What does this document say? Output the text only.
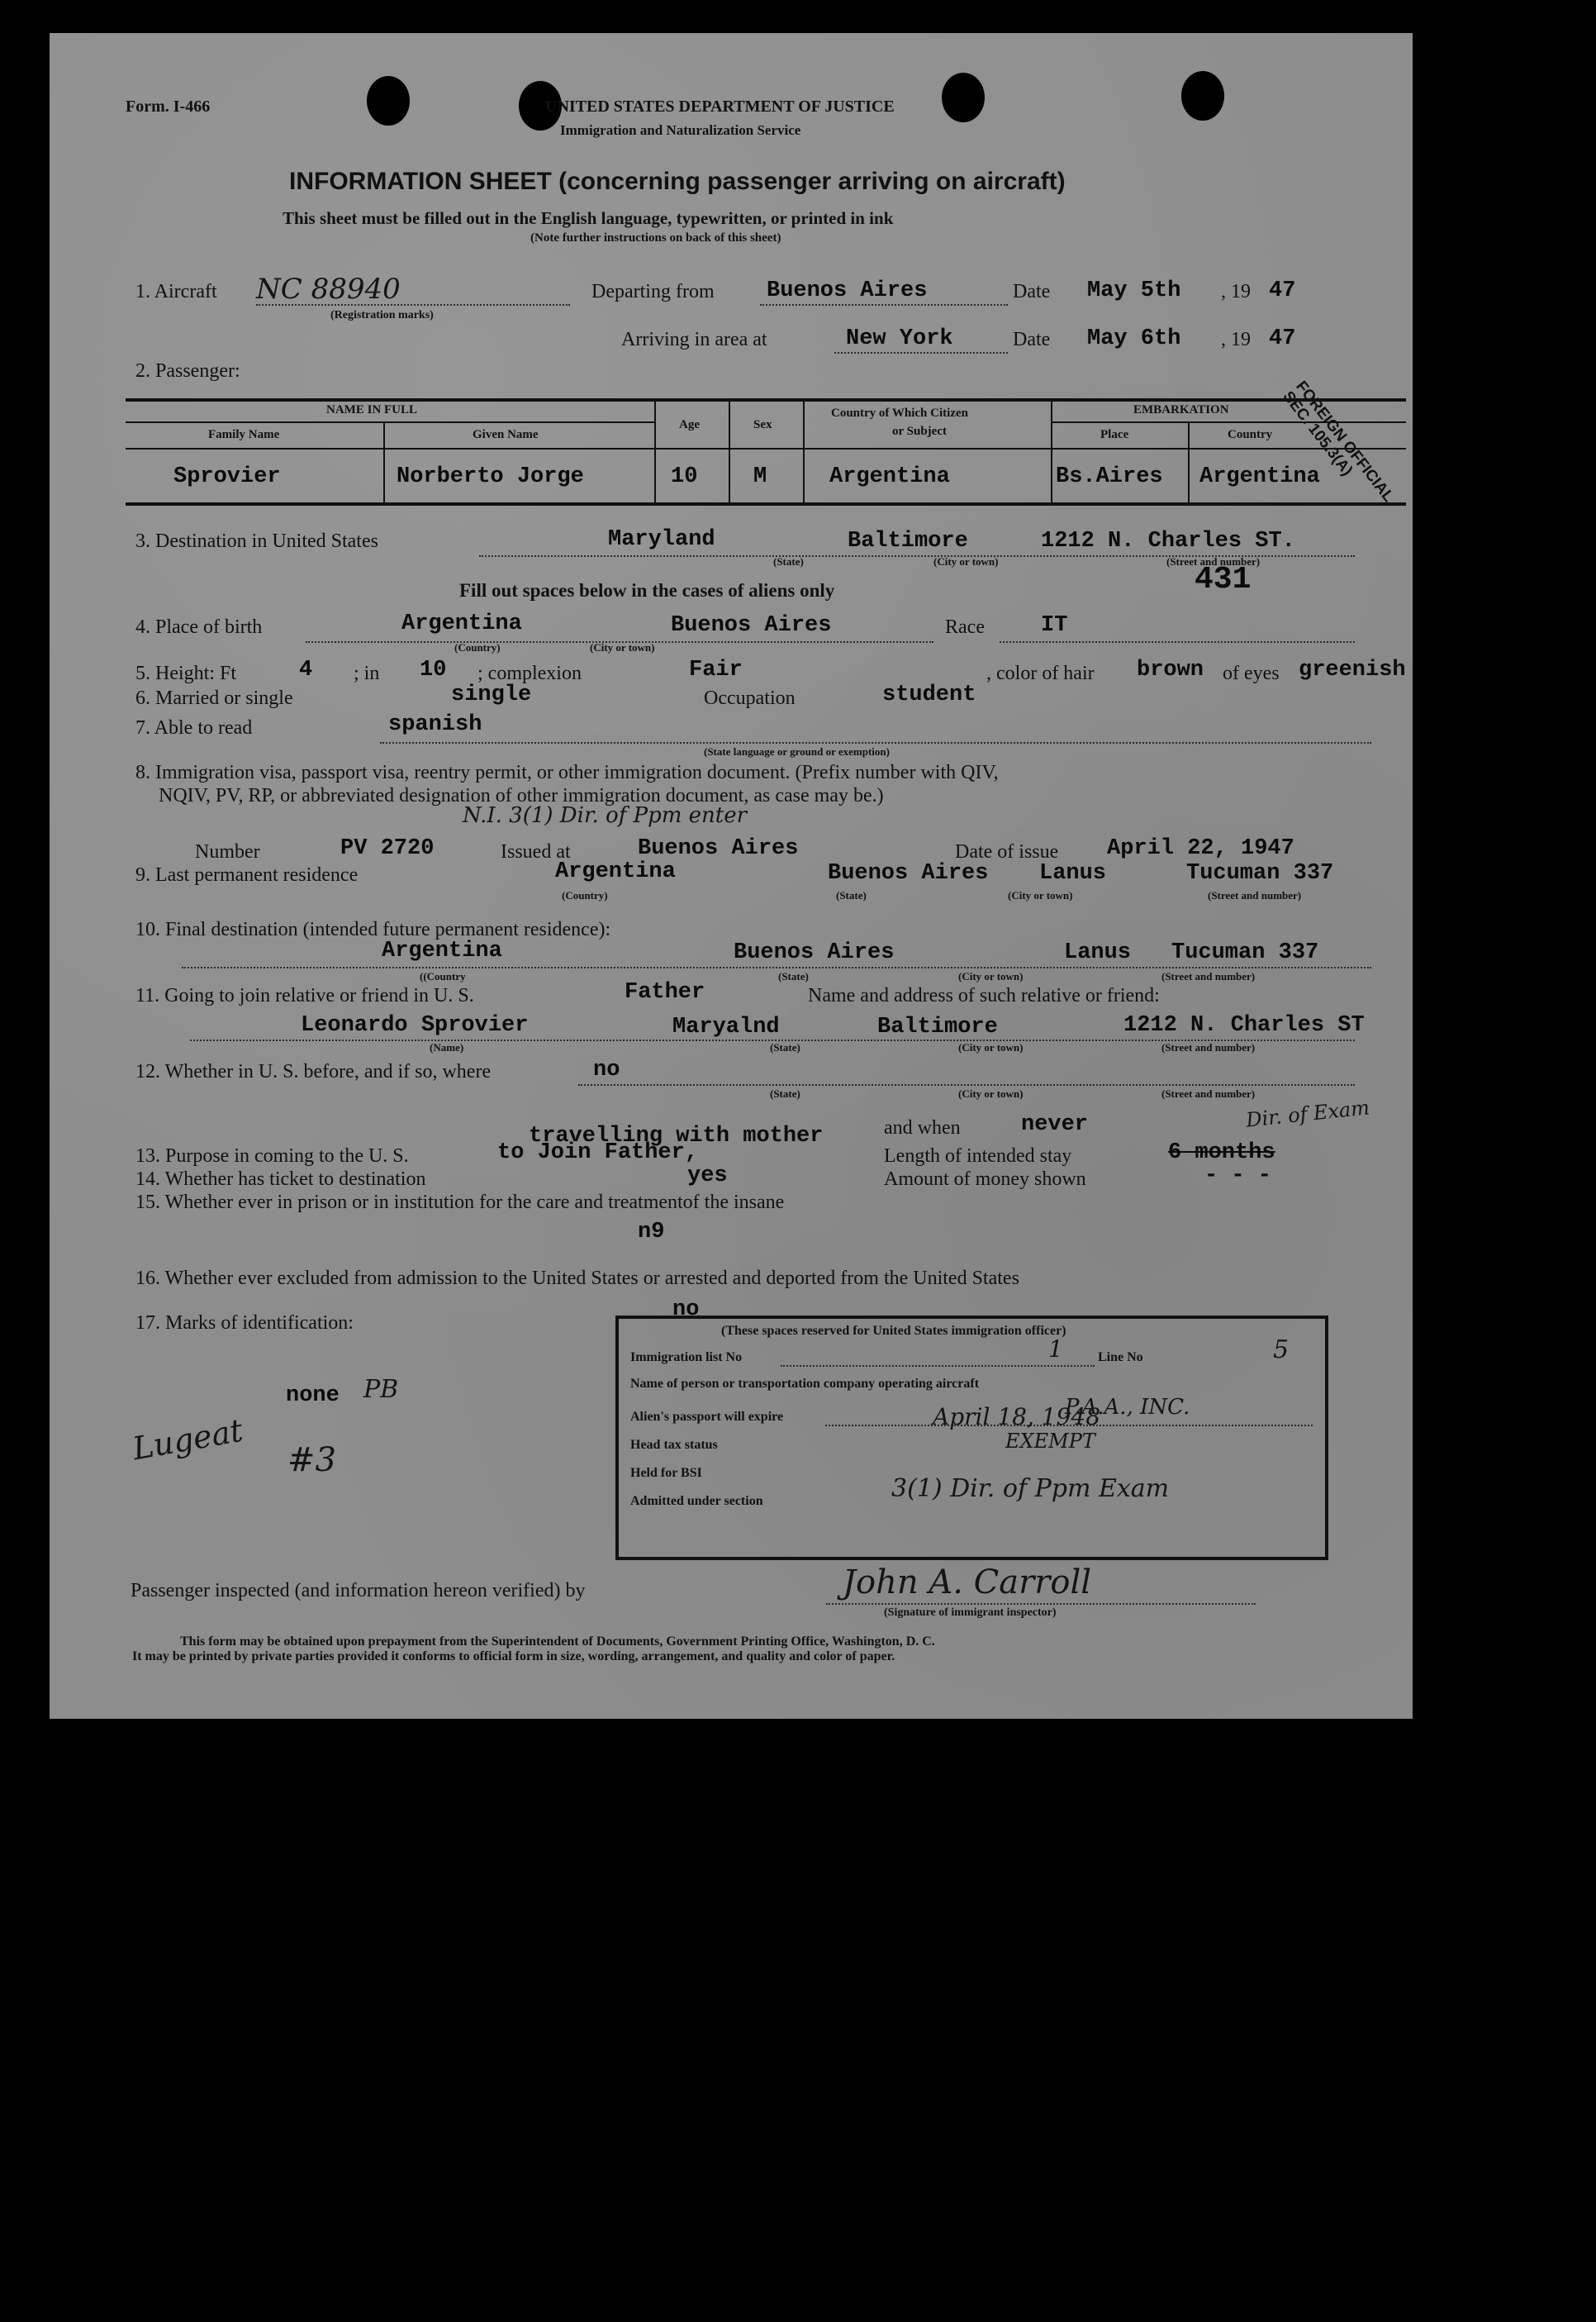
Form. I-466	UNITED STATES DEPARTMENT OF JUSTICE
Immigration and Naturalization Service
INFORMATION SHEET (concerning passenger arriving on aircraft)
This sheet must be filled out in the English language, typewritten, or printed in ink
(Note further instructions on back of this sheet)
1. Aircraft NC 88940
(Registration marks)
Departing from Buenos Aires	Date May 5th , 19 47
Arriving in area at	New York	Date May 6th , 19 47
2. Passenger:
NAME IN FULL
Family Name	Given Name
Age	Sex
Country of Which Citizen
or Subject
EMBARKATION
Place	Country
Sprovier	Norberto Jorge	10	M	Argentina	Bs.Aires Argentina
FOREIGN OFFICIAL SEC. 105.3(A)
3. Destination in United States	Maryland	Baltimore	1212 N. Charles ST.
(State)	(City or town)	(Street and number)
431
Fill out spaces below in the cases of aliens only
4. Place of birth	Argentina	Buenos Aires
(Country)	(City or town)
Race	IT
5. Height: Ft	4 ; in 10 ; complexion	Fair	, color of hair brown of eyes greenish
6. Married or single	single	Occupation	student
7. Able to read	spanish
(State language or ground or exemption)
8. Immigration visa, passport visa, reentry permit, or other immigration document. (Prefix number with QIV,
NQIV, PV, RP, or abbreviated designation of other immigration document, as case may be.)
N.I. 3(1) Dir. of Ppm enter
Number	PV 2720	Issued at	Buenos Aires	Date of issue April 22, 1947
9. Last permanent residence	Argentina	Buenos Aires Lanus	Tucuman 337
(Country)	(State)	(City or town)	(Street and number)
10. Final destination (intended future permanent residence):
Argentina	Buenos Aires	Lanus Tucuman 337
((Country	(State)	(City or town)	(Street and number)
11. Going to join relative or friend in U. S.	Father	Name and address of such relative or friend:
Leonardo Sprovier	Maryalnd	Baltimore	1212 N. Charles ST
(Name)	(State)	(City or town)	(Street and number)
12. Whether in U. S. before, and if so, where	no
(State)	(City or town)	(Street and number)
and when	never	Dir. of Exam
travelling with mother
13. Purpose in coming to the U. S.	to Join Father,	Length of intended stay	6 months
14. Whether has ticket to destination	yes	Amount of money shown	- - -
15. Whether ever in prison or in institution for the care and treatmentof the insane
n9
16. Whether ever excluded from admission to the United States or arrested and deported from the United States
no
17. Marks of identification:
none PB
Lugeat #3
(These spaces reserved for United States immigration officer)
Immigration list No	1	Line No	5
Name of person or transportation company operating aircraft
P.A.A., INC.
Alien's passport will expire	April 18, 1948
Head tax status	EXEMPT
Held for BSI
Admitted under section	3(1) Dir. of Ppm Exam
Passenger inspected (and information hereon verified) by	John A. Carroll
(Signature of immigrant inspector)
This form may be obtained upon prepayment from the Superintendent of Documents, Government Printing Office, Washington, D. C.
It may be printed by private parties provided it conforms to official form in size, wording, arrangement, and quality and color of paper.
